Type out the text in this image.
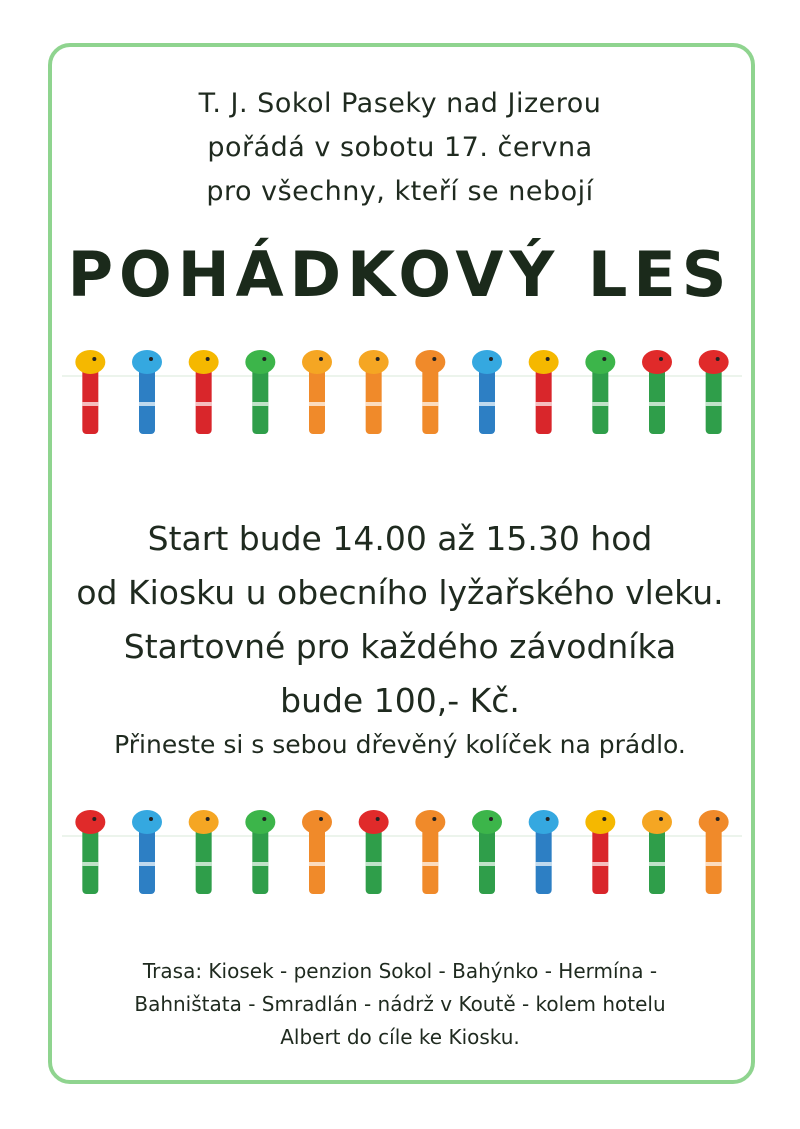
T. J. Sokol Paseky nad Jizerou
pořádá v sobotu 17. června
pro všechny, kteří se nebojí
POHÁDKOVÝ LES
Start bude 14.00 až 15.30 hod
od Kiosku u obecního lyžařského vleku.
Startovné pro každého závodníka
bude 100,- Kč.
Přineste si s sebou dřevěný kolíček na prádlo.
Trasa: Kiosek - penzion Sokol - Bahýnko - Hermína -
Bahništata - Smradlán - nádrž v Koutě - kolem hotelu
Albert do cíle ke Kiosku.
